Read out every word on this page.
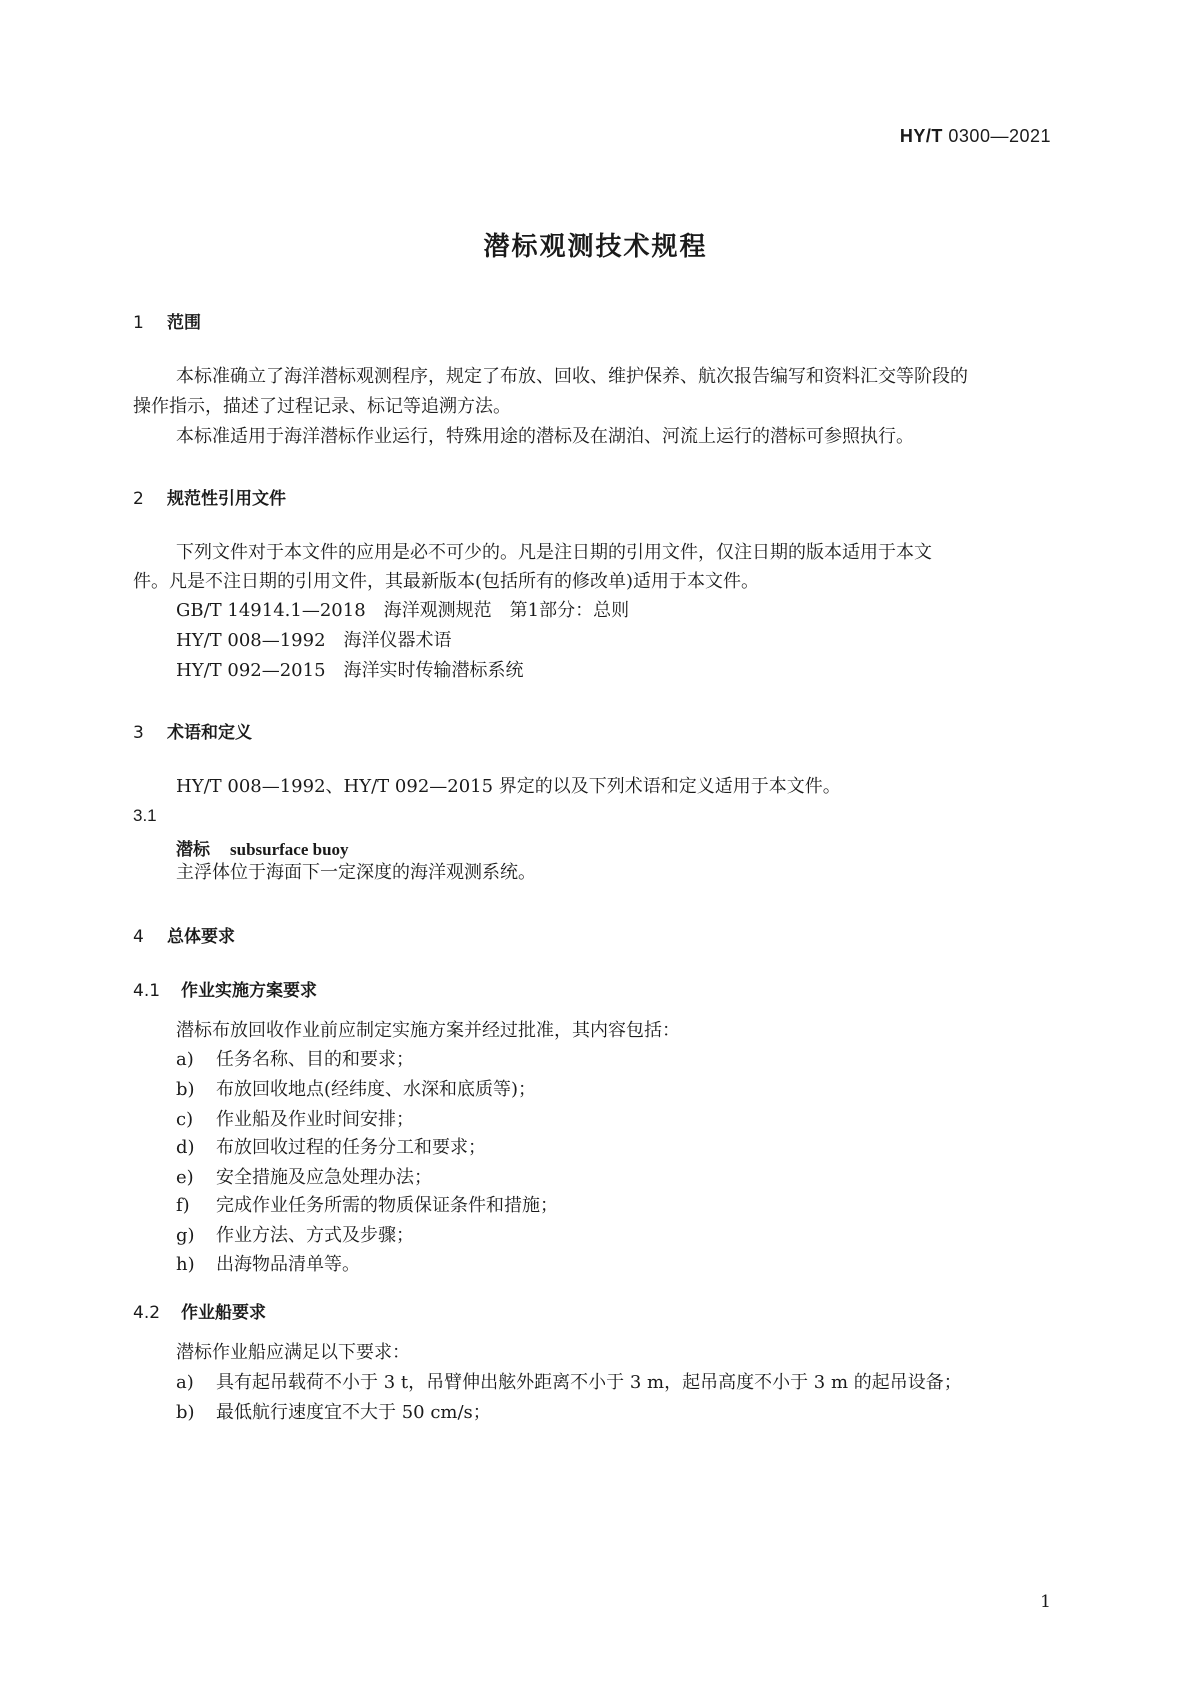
HY/T 0300—2021
潜标观测技术规程
1 范围
本标准确立了海洋潜标观测程序，规定了布放、回收、维护保养、航次报告编写和资料汇交等阶段的
操作指示，描述了过程记录、标记等追溯方法。
本标准适用于海洋潜标作业运行，特殊用途的潜标及在湖泊、河流上运行的潜标可参照执行。
2 规范性引用文件
下列文件对于本文件的应用是必不可少的。凡是注日期的引用文件，仅注日期的版本适用于本文
件。凡是不注日期的引用文件，其最新版本(包括所有的修改单)适用于本文件。
GB/T 14914.1—2018　海洋观测规范　第1部分：总则
HY/T 008—1992　海洋仪器术语
HY/T 092—2015　海洋实时传输潜标系统
3 术语和定义
HY/T 008—1992、HY/T 092—2015 界定的以及下列术语和定义适用于本文件。
3.1
潜标 subsurface buoy
主浮体位于海面下一定深度的海洋观测系统。
4 总体要求
4.1 作业实施方案要求
潜标布放回收作业前应制定实施方案并经过批准，其内容包括：
a) 任务名称、目的和要求；
b) 布放回收地点(经纬度、水深和底质等)；
c) 作业船及作业时间安排；
d) 布放回收过程的任务分工和要求；
e) 安全措施及应急处理办法；
f) 完成作业任务所需的物质保证条件和措施；
g) 作业方法、方式及步骤；
h) 出海物品清单等。
4.2 作业船要求
潜标作业船应满足以下要求：
a) 具有起吊载荷不小于 3 t，吊臂伸出舷外距离不小于 3 m，起吊高度不小于 3 m 的起吊设备；
b) 最低航行速度宜不大于 50 cm/s；
1
